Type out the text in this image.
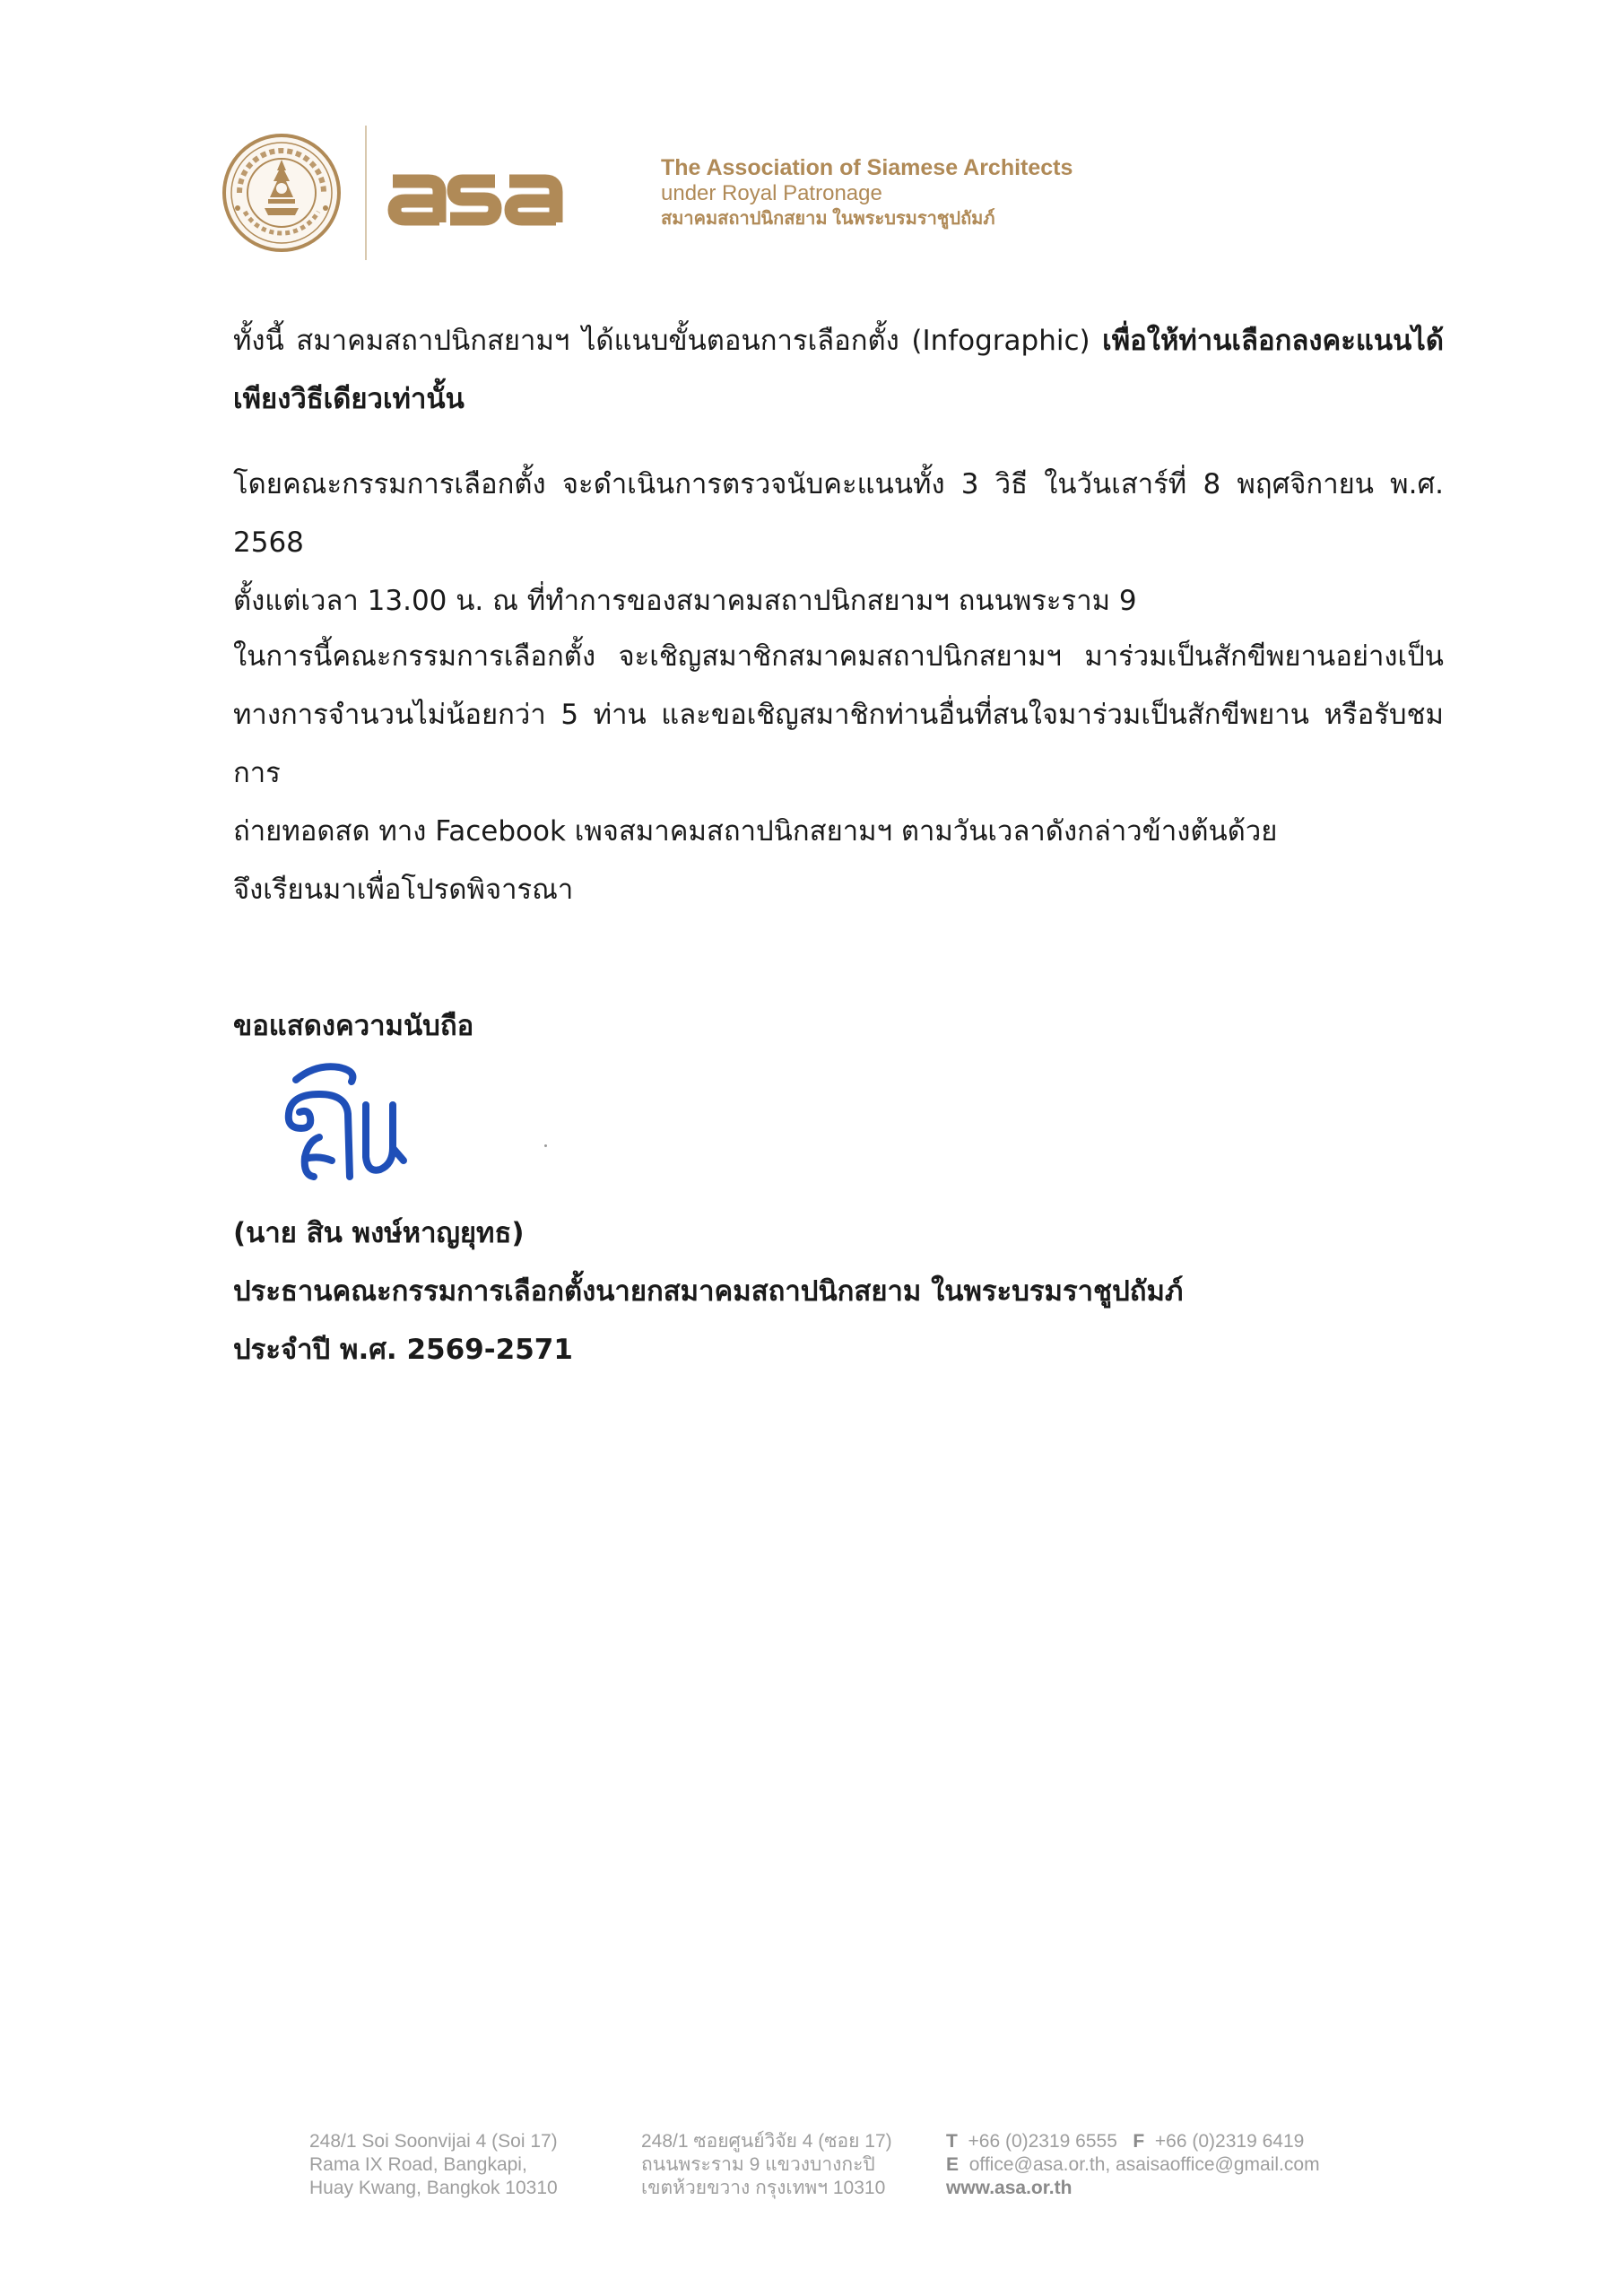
The Association of Siamese Architects
under Royal Patronage
สมาคมสถาปนิกสยาม ในพระบรมราชูปถัมภ์
ทั้งนี้ สมาคมสถาปนิกสยามฯ ได้แนบขั้นตอนการเลือกตั้ง (Infographic) เพื่อให้ท่านเลือกลงคะแนนได้
เพียงวิธีเดียวเท่านั้น
โดยคณะกรรมการเลือกตั้ง จะดำเนินการตรวจนับคะแนนทั้ง 3 วิธี ในวันเสาร์ที่ 8 พฤศจิกายน พ.ศ. 2568
ตั้งแต่เวลา 13.00 น. ณ ที่ทำการของสมาคมสถาปนิกสยามฯ ถนนพระราม 9
ในการนี้คณะกรรมการเลือกตั้ง จะเชิญสมาชิกสมาคมสถาปนิกสยามฯ มาร่วมเป็นสักขีพยานอย่างเป็น
ทางการจำนวนไม่น้อยกว่า 5 ท่าน และขอเชิญสมาชิกท่านอื่นที่สนใจมาร่วมเป็นสักขีพยาน หรือรับชมการ
ถ่ายทอดสด ทาง Facebook เพจสมาคมสถาปนิกสยามฯ ตามวันเวลาดังกล่าวข้างต้นด้วย
จึงเรียนมาเพื่อโปรดพิจารณา
ขอแสดงความนับถือ
(นาย สิน พงษ์หาญยุทธ)
ประธานคณะกรรมการเลือกตั้งนายกสมาคมสถาปนิกสยาม ในพระบรมราชูปถัมภ์
ประจำปี พ.ศ. 2569-2571
248/1 Soi Soonvijai 4 (Soi 17)
Rama IX Road, Bangkapi,
Huay Kwang, Bangkok 10310
248/1 ซอยศูนย์วิจัย 4 (ซอย 17)
ถนนพระราม 9 แขวงบางกะปิ
เขตห้วยขวาง กรุงเทพฯ 10310
T +66 (0)2319 6555 F +66 (0)2319 6419
E office@asa.or.th, asaisaoffice@gmail.com
www.asa.or.th
